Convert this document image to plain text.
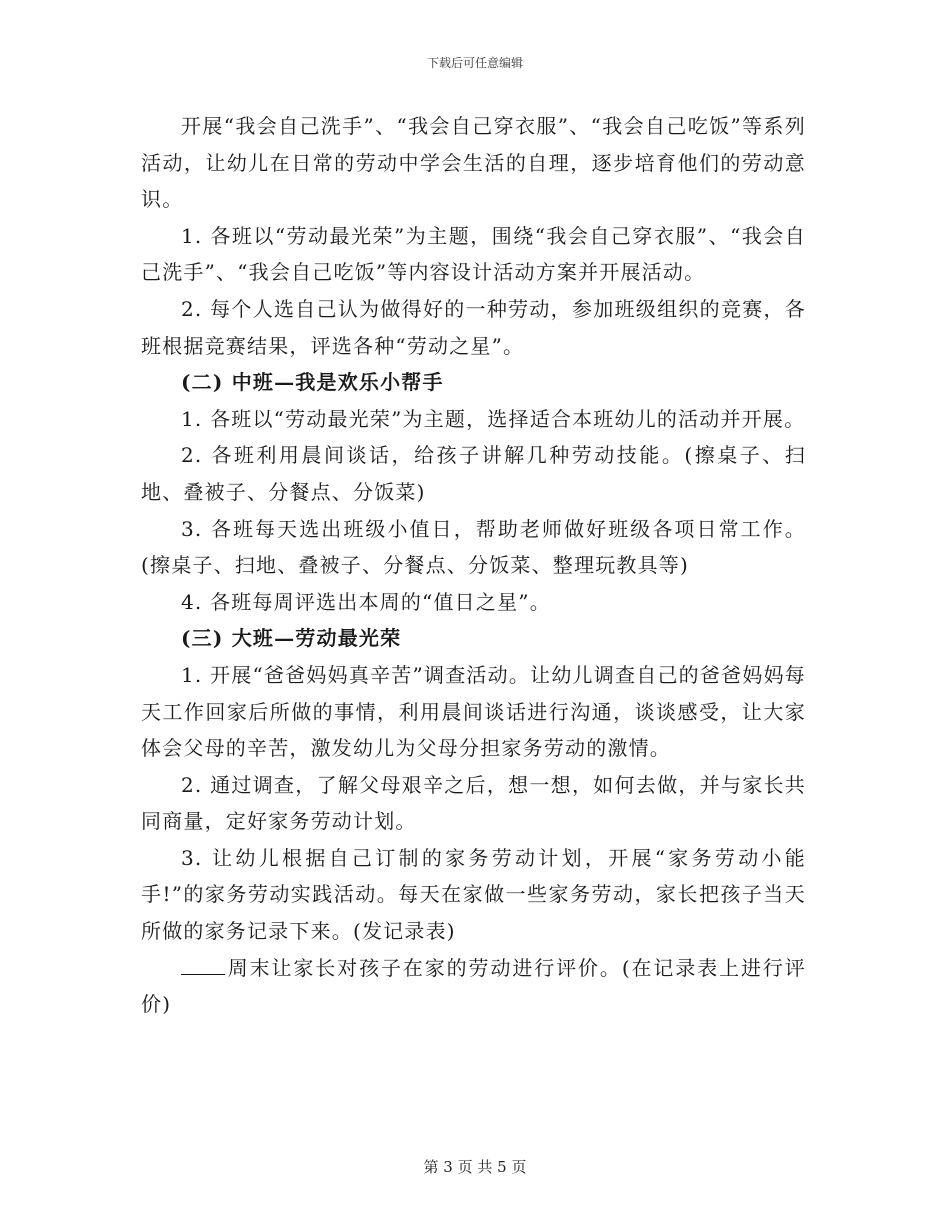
下载后可任意编辑

开展“我会自己洗手”、“我会自己穿衣服”、“我会自己吃饭”等系列活动，让幼儿在日常的劳动中学会生活的自理，逐步培育他们的劳动意识。

1. 各班以“劳动最光荣”为主题，围绕“我会自己穿衣服”、“我会自己洗手”、“我会自己吃饭”等内容设计活动方案并开展活动。

2. 每个人选自己认为做得好的一种劳动，参加班级组织的竞赛，各班根据竞赛结果，评选各种“劳动之星”。

(二) 中班—我是欢乐小帮手

1. 各班以“劳动最光荣”为主题，选择适合本班幼儿的活动并开展。

2. 各班利用晨间谈话，给孩子讲解几种劳动技能。(擦桌子、扫地、叠被子、分餐点、分饭菜)

3. 各班每天选出班级小值日，帮助老师做好班级各项日常工作。(擦桌子、扫地、叠被子、分餐点、分饭菜、整理玩教具等)

4. 各班每周评选出本周的“值日之星”。

(三) 大班—劳动最光荣

1. 开展“爸爸妈妈真辛苦”调查活动。让幼儿调查自己的爸爸妈妈每天工作回家后所做的事情，利用晨间谈话进行沟通，谈谈感受，让大家体会父母的辛苦，激发幼儿为父母分担家务劳动的激情。

2. 通过调查，了解父母艰辛之后，想一想，如何去做，并与家长共同商量，定好家务劳动计划。

3. 让幼儿根据自己订制的家务劳动计划，开展“家务劳动小能手!”的家务劳动实践活动。每天在家做一些家务劳动，家长把孩子当天所做的家务记录下来。(发记录表)

周末让家长对孩子在家的劳动进行评价。(在记录表上进行评价)

第 3 页 共 5 页
